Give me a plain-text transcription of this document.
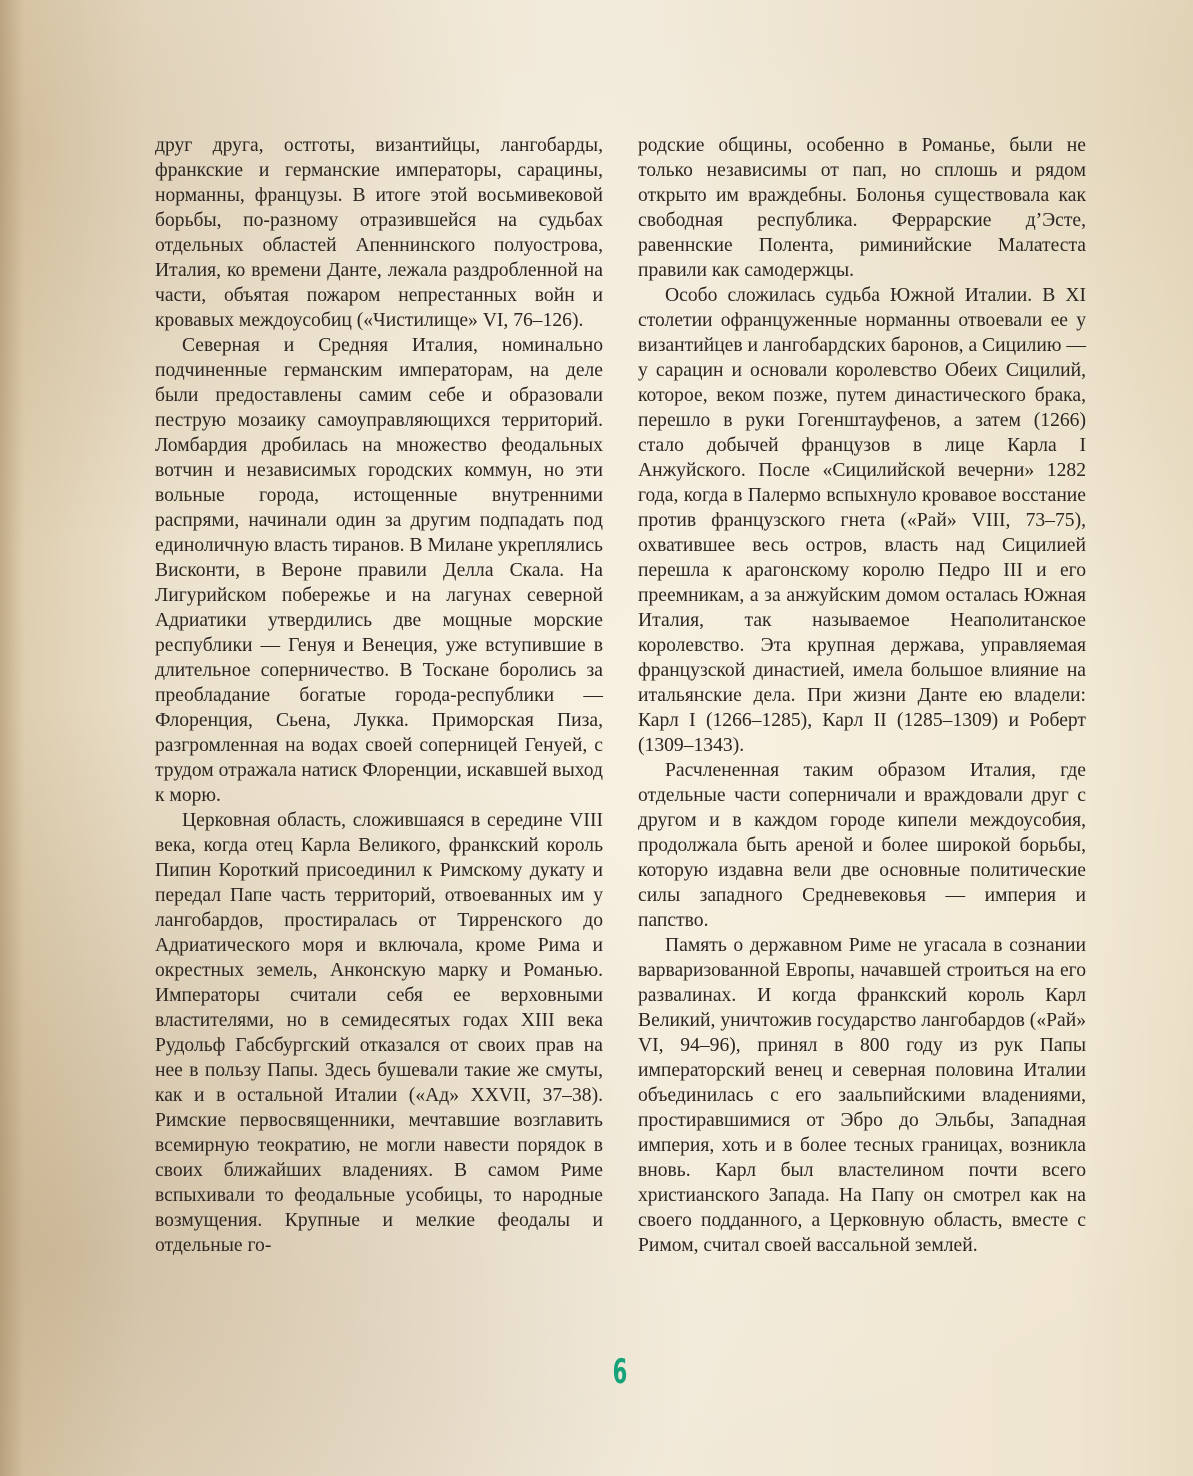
друг друга, остготы, византийцы, лангобарды, франкские и германские императоры, сарацины, норманны, французы. В итоге этой восьмивековой борьбы, по-разному отразившейся на судьбах отдельных областей Апеннинского полуострова, Италия, ко времени Данте, лежала раздробленной на части, объятая пожаром непрестанных войн и кровавых междоусобиц («Чистилище» VI, 76–126).

Северная и Средняя Италия, номинально подчиненные германским императорам, на деле были предоставлены самим себе и образовали пеструю мозаику самоуправляющихся территорий. Ломбардия дробилась на множество феодальных вотчин и независимых городских коммун, но эти вольные города, истощенные внутренними распрями, начинали один за другим подпадать под единоличную власть тиранов. В Милане укреплялись Висконти, в Вероне правили Делла Скала. На Лигурийском побережье и на лагунах северной Адриатики утвердились две мощные морские республики — Генуя и Венеция, уже вступившие в длительное соперничество. В Тоскане боролись за преобладание богатые города-республики — Флоренция, Сьена, Лукка. Приморская Пиза, разгромленная на водах своей соперницей Генуей, с трудом отражала натиск Флоренции, искавшей выход к морю.

Церковная область, сложившаяся в середине VIII века, когда отец Карла Великого, франкский король Пипин Короткий присоединил к Римскому дукату и передал Папе часть территорий, отвоеванных им у лангобардов, простиралась от Тирренского до Адриатического моря и включала, кроме Рима и окрестных земель, Анконскую марку и Романью. Императоры считали себя ее верховными властителями, но в семидесятых годах XIII века Рудольф Габсбургский отказался от своих прав на нее в пользу Папы. Здесь бушевали такие же смуты, как и в остальной Италии («Ад» XXVII, 37–38). Римские первосвященники, мечтавшие возглавить всемирную теократию, не могли навести порядок в своих ближайших владениях. В самом Риме вспыхивали то феодальные усобицы, то народные возмущения. Крупные и мелкие феодалы и отдельные го-

родские общины, особенно в Романье, были не только независимы от пап, но сплошь и рядом открыто им враждебны. Болонья существовала как свободная республика. Феррарские д’Эсте, равеннские Полента, риминийские Малатеста правили как самодержцы.

Особо сложилась судьба Южной Италии. В XI столетии офранцуженные норманны отвоевали ее у византийцев и лангобардских баронов, а Сицилию — у сарацин и основали королевство Обеих Сицилий, которое, веком позже, путем династического брака, перешло в руки Гогенштауфенов, а затем (1266) стало добычей французов в лице Карла I Анжуйского. После «Сицилийской вечерни» 1282 года, когда в Палермо вспыхнуло кровавое восстание против французского гнета («Рай» VIII, 73–75), охватившее весь остров, власть над Сицилией перешла к арагонскому королю Педро III и его преемникам, а за анжуйским домом осталась Южная Италия, так называемое Неаполитанское королевство. Эта крупная держава, управляемая французской династией, имела большое влияние на итальянские дела. При жизни Данте ею владели: Карл I (1266–1285), Карл II (1285–1309) и Роберт (1309–1343).

Расчлененная таким образом Италия, где отдельные части соперничали и враждовали друг с другом и в каждом городе кипели междоусобия, продолжала быть ареной и более широкой борьбы, которую издавна вели две основные политические силы западного Средневековья — империя и папство.

Память о державном Риме не угасала в сознании варваризованной Европы, начавшей строиться на его развалинах. И когда франкский король Карл Великий, уничтожив государство лангобардов («Рай» VI, 94–96), принял в 800 году из рук Папы императорский венец и северная половина Италии объединилась с его заальпийскими владениями, простиравшимися от Эбро до Эльбы, Западная империя, хоть и в более тесных границах, возникла вновь. Карл был властелином почти всего христианского Запада. На Папу он смотрел как на своего подданного, а Церковную область, вместе с Римом, считал своей вассальной землей.

6
